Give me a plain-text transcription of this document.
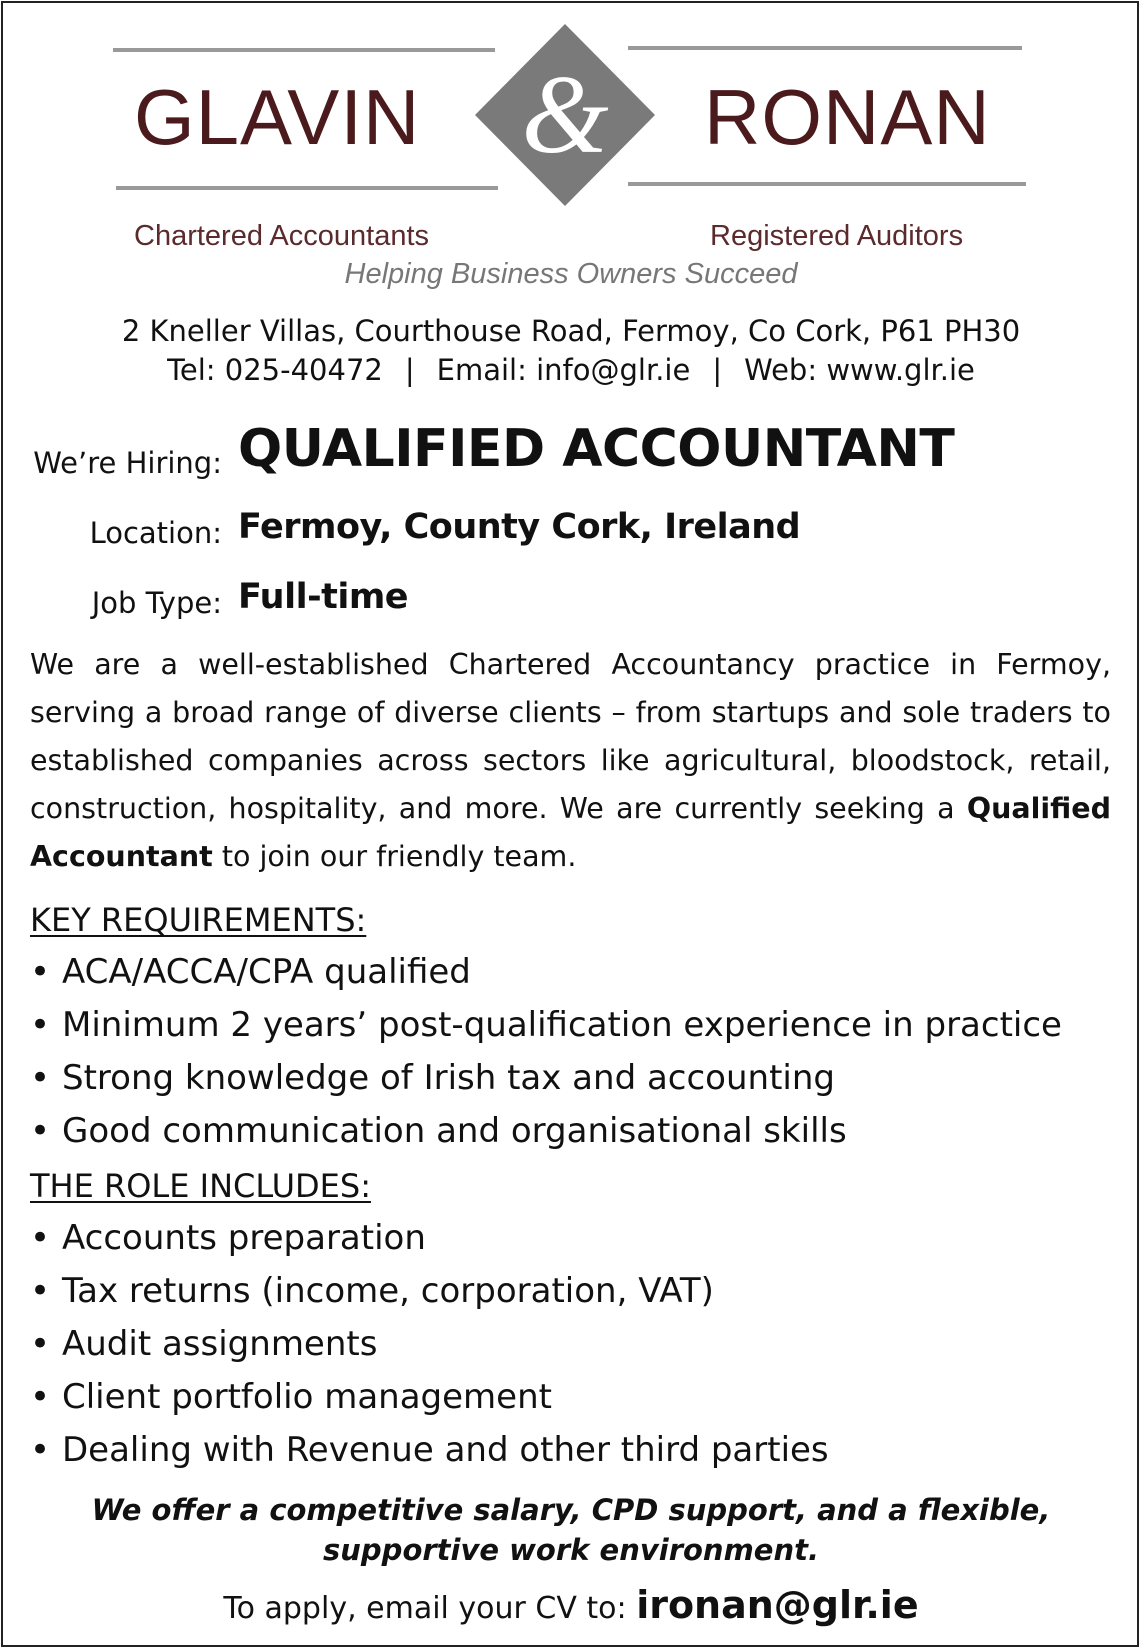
&
GLAVIN	RONAN
Chartered Accountants	Registered Auditors
Helping Business Owners Succeed
2 Kneller Villas, Courthouse Road, Fermoy, Co Cork, P61 PH30
Tel: 025-40472 | Email: info@glr.ie | Web: www.glr.ie
We’re Hiring: QUALIFIED ACCOUNTANT
Location: Fermoy, County Cork, Ireland
Job Type: Full-time
We are a well-established Chartered Accountancy practice in Fermoy, serving a broad range of diverse clients – from startups and sole traders to established companies across sectors like agricultural, bloodstock, retail, construction, hospitality, and more. We are currently seeking a Qualified Accountant to join our friendly team.
KEY REQUIREMENTS:
• ACA/ACCA/CPA qualified
• Minimum 2 years’ post-qualification experience in practice
• Strong knowledge of Irish tax and accounting
• Good communication and organisational skills
THE ROLE INCLUDES:
• Accounts preparation
• Tax returns (income, corporation, VAT)
• Audit assignments
• Client portfolio management
• Dealing with Revenue and other third parties
We offer a competitive salary, CPD support, and a flexible,
supportive work environment.
To apply, email your CV to: ironan@glr.ie
